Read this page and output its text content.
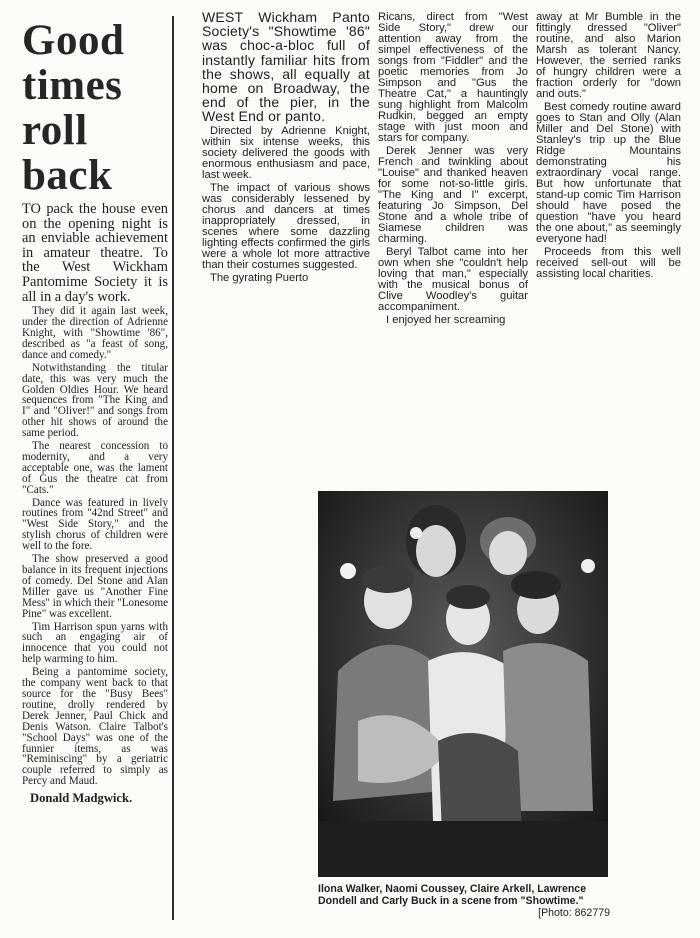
Good
times
roll
back

TO pack the house even on the opening night is an enviable achievement in amateur theatre. To the West Wickham Pantomime Society it is all in a day's work.

They did it again last week, under the direction of Adrienne Knight, with "Showtime '86", described as "a feast of song, dance and comedy."

Notwithstanding the titular date, this was very much the Golden Oldies Hour. We heard sequences from "The King and I" and "Oliver!" and songs from other hit shows of around the same period.

The nearest concession to modernity, and a very acceptable one, was the lament of Gus the theatre cat from "Cats."

Dance was featured in lively routines from "42nd Street" and "West Side Story," and the stylish chorus of children were well to the fore.

The show preserved a good balance in its frequent injections of comedy. Del Stone and Alan Miller gave us "Another Fine Mess" in which their "Lonesome Pine" was excellent.

Tim Harrison spun yarns with such an engaging air of innocence that you could not help warming to him.

Being a pantomime society, the company went back to that source for the "Busy Bees" routine, drolly rendered by Derek Jenner, Paul Chick and Denis Watson. Claire Talbot's "School Days" was one of the funnier items, as was "Reminiscing" by a geriatric couple referred to simply as Percy and Maud.

Donald Madgwick.

WEST Wickham Panto Society's "Showtime '86" was choc-a-bloc full of instantly familiar hits from the shows, all equally at home on Broadway, the end of the pier, in the West End or panto.

Directed by Adrienne Knight, within six intense weeks, this society delivered the goods with enormous enthusiasm and pace, last week.

The impact of various shows was considerably lessened by chorus and dancers at times inappropriately dressed, in scenes where some dazzling lighting effects confirmed the girls were a whole lot more attractive than their costumes suggested.

The gyrating Puerto

Ricans, direct from "West Side Story," drew our attention away from the simpel effectiveness of the songs from "Fiddler" and the poetic memories from Jo Simpson and "Gus the Theatre Cat," a hauntingly sung highlight from Malcolm Rudkin, begged an empty stage with just moon and stars for company.

Derek Jenner was very French and twinkling about "Louise" and thanked heaven for some not-so-little girls. "The King and I" excerpt, featuring Jo Simpson, Del Stone and a whole tribe of Siamese children was charming.

Beryl Talbot came into her own when she "couldn't help loving that man," especially with the musical bonus of Clive Woodley's guitar accompaniment.

I enjoyed her screaming

away at Mr Bumble in the fittingly dressed "Oliver" routine, and also Marion Marsh as tolerant Nancy. However, the serried ranks of hungry children were a fraction orderly for "down and outs."

Best comedy routine award goes to Stan and Olly (Alan Miller and Del Stone) with Stanley's trip up the Blue Ridge Mountains demonstrating his extraordinary vocal range. But how unfortunate that stand-up comic Tim Harrison should have posed the question "have you heard the one about," as seemingly everyone had!

Proceeds from this well received sell-out will be assisting local charities.

Ilona Walker, Naomi Coussey, Claire Arkell, Lawrence Dondell and Carly Buck in a scene from "Showtime."
[Photo: 862779
